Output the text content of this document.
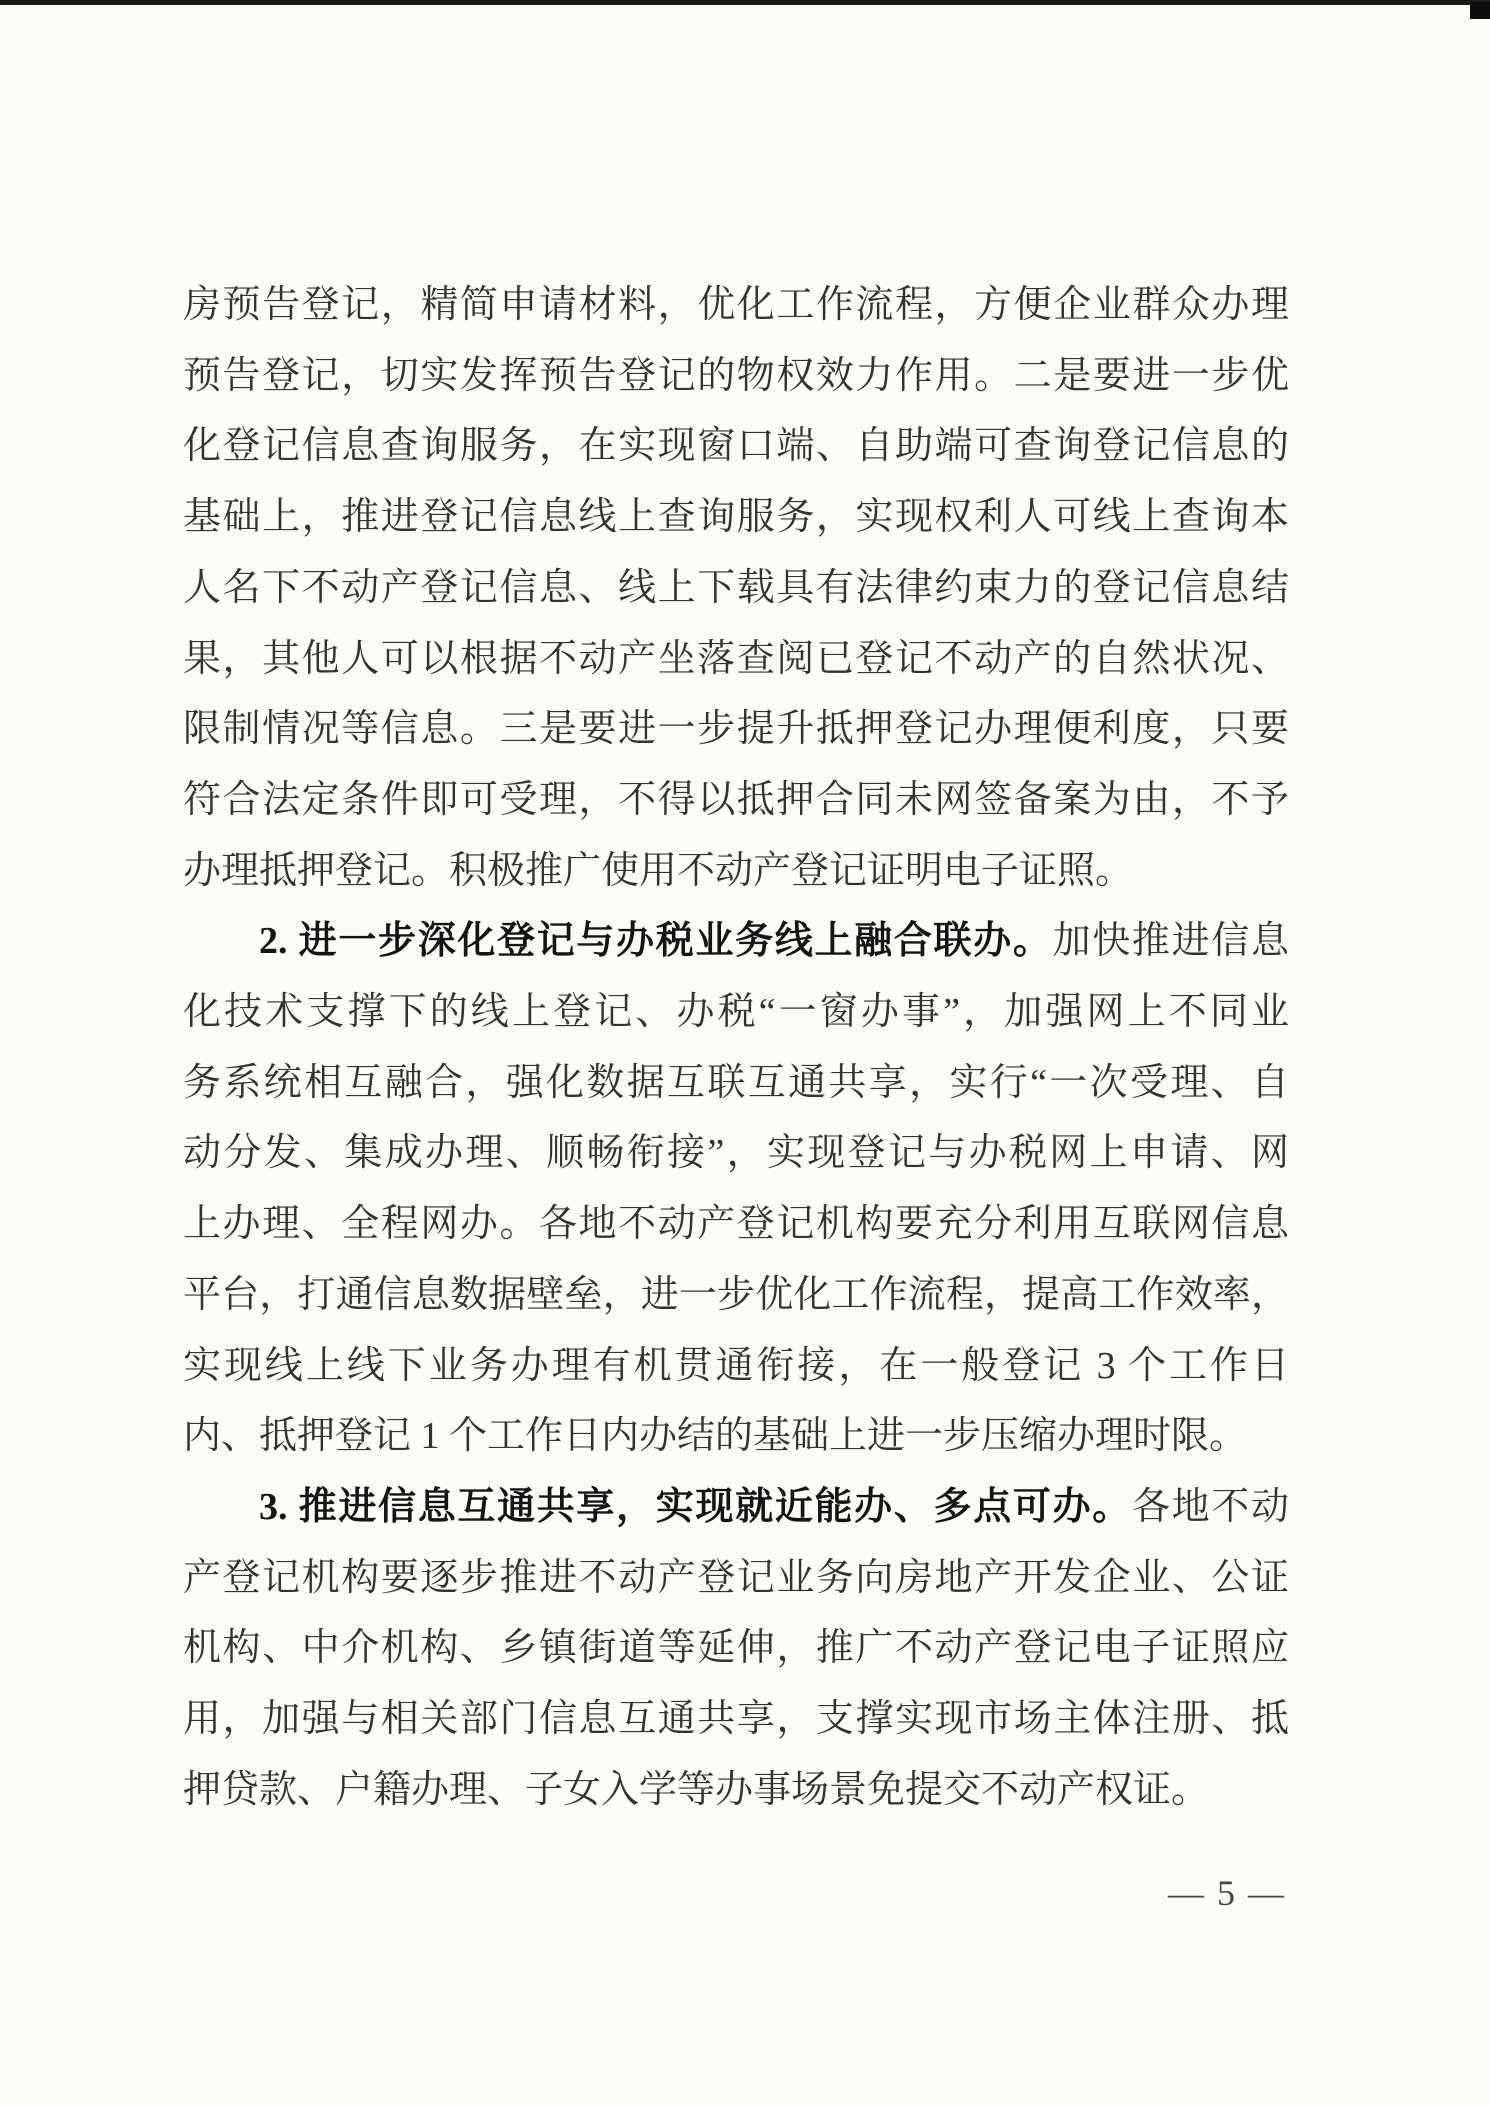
房预告登记，精简申请材料，优化工作流程，方便企业群众办理
预告登记，切实发挥预告登记的物权效力作用。二是要进一步优
化登记信息查询服务，在实现窗口端、自助端可查询登记信息的
基础上，推进登记信息线上查询服务，实现权利人可线上查询本
人名下不动产登记信息、线上下载具有法律约束力的登记信息结
果，其他人可以根据不动产坐落查阅已登记不动产的自然状况、
限制情况等信息。三是要进一步提升抵押登记办理便利度，只要
符合法定条件即可受理，不得以抵押合同未网签备案为由，不予
办理抵押登记。积极推广使用不动产登记证明电子证照。
2. 进一步深化登记与办税业务线上融合联办。加快推进信息
化技术支撑下的线上登记、办税“一窗办事”，加强网上不同业
务系统相互融合，强化数据互联互通共享，实行“一次受理、自
动分发、集成办理、顺畅衔接”，实现登记与办税网上申请、网
上办理、全程网办。各地不动产登记机构要充分利用互联网信息
平台，打通信息数据壁垒，进一步优化工作流程，提高工作效率，
实现线上线下业务办理有机贯通衔接，在一般登记 3 个工作日
内、抵押登记 1 个工作日内办结的基础上进一步压缩办理时限。
3. 推进信息互通共享，实现就近能办、多点可办。各地不动
产登记机构要逐步推进不动产登记业务向房地产开发企业、公证
机构、中介机构、乡镇街道等延伸，推广不动产登记电子证照应
用，加强与相关部门信息互通共享，支撑实现市场主体注册、抵
押贷款、户籍办理、子女入学等办事场景免提交不动产权证。
— 5 —
